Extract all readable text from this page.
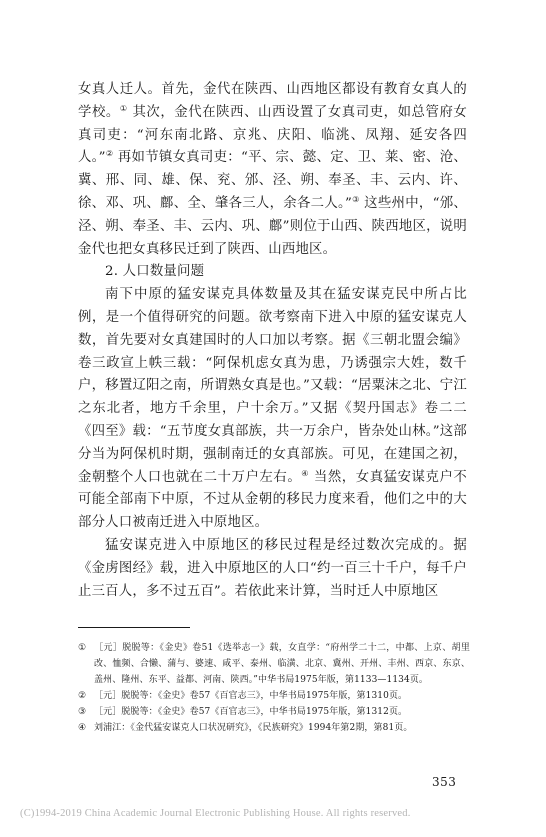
女真人迁人。首先，金代在陕西、山西地区都设有教育女真人的学校。① 其次，金代在陕西、山西设置了女真司吏，如总管府女真司吏：“河东南北路、京兆、庆阳、临洮、凤翔、延安各四人。”② 再如节镇女真司吏：“平、宗、懿、定、卫、莱、密、沧、冀、邢、同、雄、保、兖、邠、泾、朔、奉圣、丰、云内、许、徐、邓、巩、鄜、全、肇各三人，余各二人。”③ 这些州中，“邠、泾、朔、奉圣、丰、云内、巩、鄜”则位于山西、陕西地区，说明金代也把女真移民迁到了陕西、山西地区。

2. 人口数量问题

南下中原的猛安谋克具体数量及其在猛安谋克民中所占比例，是一个值得研究的问题。欲考察南下进入中原的猛安谋克人数，首先要对女真建国时的人口加以考察。据《三朝北盟会编》卷三政宣上帙三载：“阿保机虑女真为患，乃诱强宗大姓，数千户，移置辽阳之南，所谓熟女真是也。”又载：“居粟沫之北、宁江之东北者，地方千余里，户十余万。”又据《契丹国志》卷二二《四至》载：“五节度女真部族，共一万余户，皆杂处山林。”这部分当为阿保机时期，强制南迁的女真部族。可见，在建国之初，金朝整个人口也就在二十万户左右。④ 当然，女真猛安谋克户不可能全部南下中原，不过从金朝的移民力度来看，他们之中的大部分人口被南迁进入中原地区。

猛安谋克进入中原地区的移民过程是经过数次完成的。据《金虏图经》载，进入中原地区的人口“约一百三十千户，每千户止三百人，多不过五百”。若依此来计算，当时迁人中原地区

① ［元］脱脱等：《金史》卷51《选举志一》载，女直学：“府州学二十二，中都、上京、胡里改、恤频、合懒、蒲与、婆速、咸平、泰州、临潢、北京、冀州、开州、丰州、西京、东京、盖州、隆州、东平、益都、河南、陕西。”中华书局1975年版，第1133—1134页。

② ［元］脱脱等：《金史》卷57《百官志三》，中华书局1975年版，第1310页。

③ ［元］脱脱等：《金史》卷57《百官志三》，中华书局1975年版，第1312页。

④ 刘浦江：《金代猛安谋克人口状况研究》，《民族研究》1994年第2期，第81页。

353
(C)1994-2019 China Academic Journal Electronic Publishing House. All rights reserved.
